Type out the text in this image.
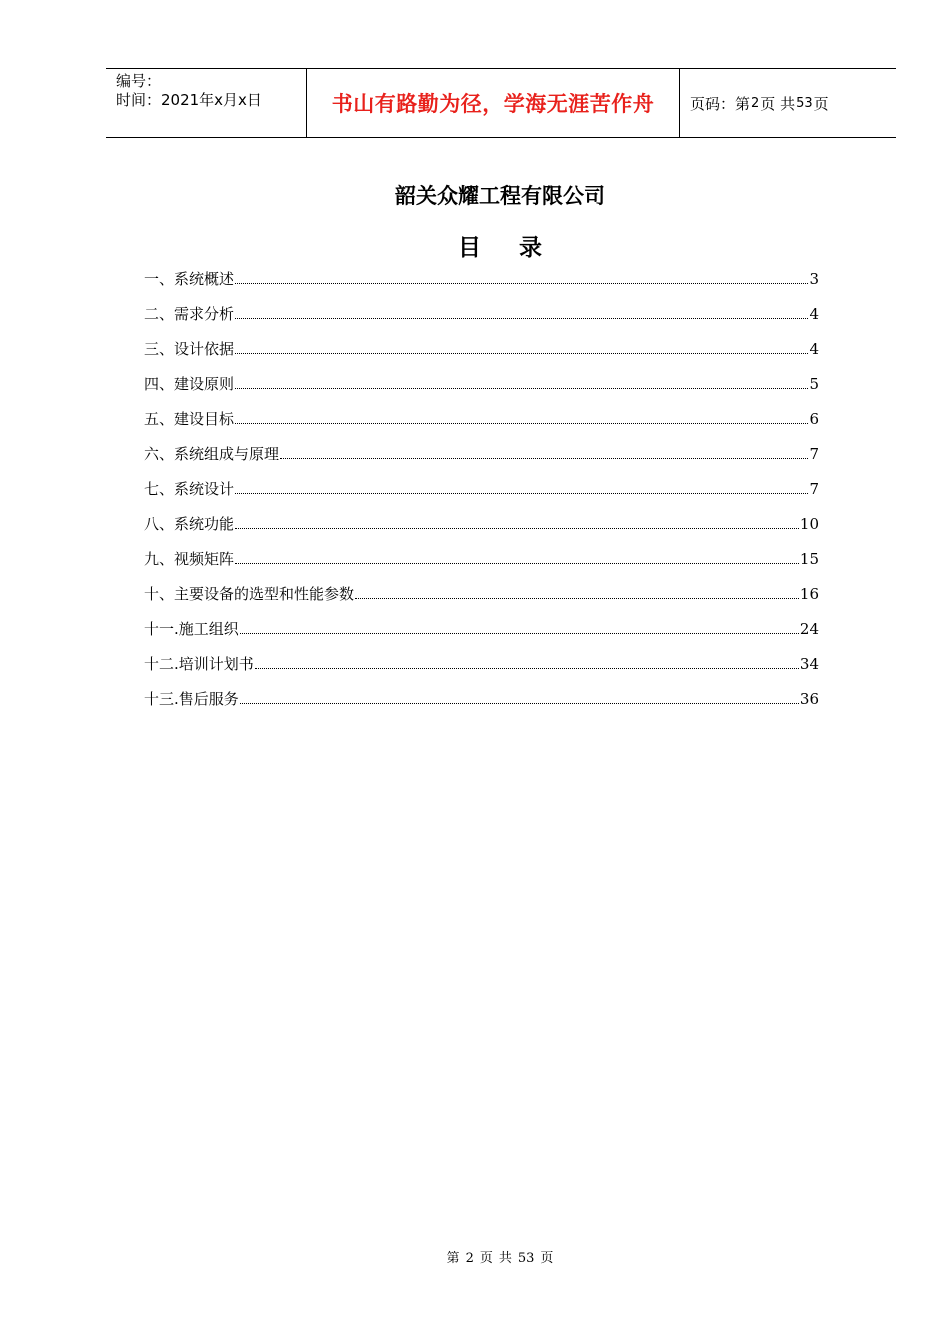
编号：
时间：2021年x月x日	书山有路勤为径，学海无涯苦作舟	页码：第 2 页 共 53 页
韶关众耀工程有限公司
目录
一、系统概述	3
二、需求分析	4
三、设计依据	4
四、建设原则	5
五、建设目标	6
六、系统组成与原理	7
七、系统设计	7
八、系统功能	10
九、视频矩阵	15
十、主要设备的选型和性能参数	16
十一.施工组织	24
十二.培训计划书	34
十三.售后服务	36
第 2 页 共 53 页
